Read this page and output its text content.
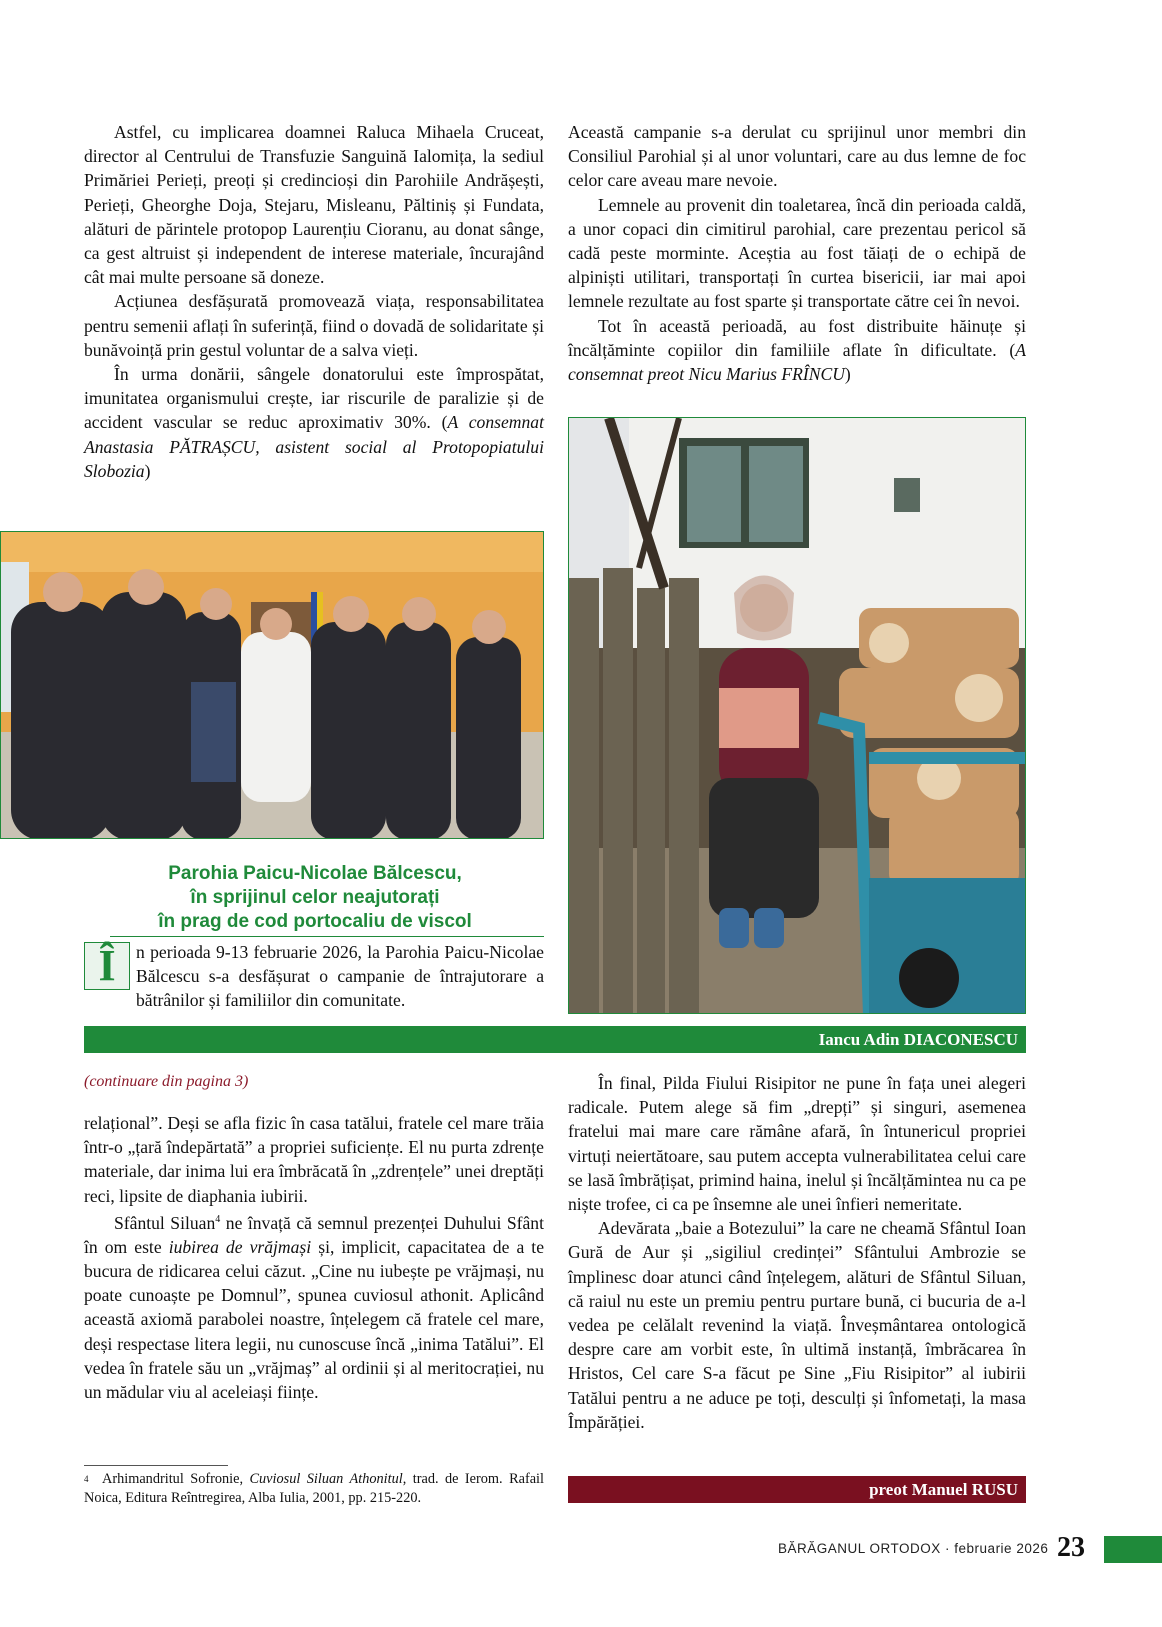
Astfel, cu implicarea doamnei Raluca Mihaela Cruceat, director al Centrului de Transfuzie Sanguină Ialomița, la sediul Primăriei Perieți, preoți și credincioși din Parohiile Andrășești, Perieți, Gheorghe Doja, Stejaru, Misleanu, Păltiniș și Fundata, alături de părintele protopop Laurențiu Cioranu, au donat sânge, ca gest altruist și independent de interese materiale, încurajând cât mai multe persoane să doneze.

Acțiunea desfășurată promovează viața, responsabilitatea pentru semenii aflați în suferință, fiind o dovadă de solidaritate și bunăvoință prin gestul voluntar de a salva vieți.

În urma donării, sângele donatorului este împrospătat, imunitatea organismului crește, iar riscurile de paralizie și de accident vascular se reduc aproximativ 30%. (A consemnat Anastasia PĂTRAȘCU, asistent social al Protopopiatului Slobozia)

Parohia Paicu-Nicolae Bălcescu,
în sprijinul celor neajutorați
în prag de cod portocaliu de viscol

Î	n perioada 9-13 februarie 2026, la Parohia Paicu-Nicolae Bălcescu s-a desfășurat o campanie de întrajutorare a bătrânilor și familiilor din comunitate.

Această campanie s-a derulat cu sprijinul unor membri din Consiliul Parohial și al unor voluntari, care au dus lemne de foc celor care aveau mare nevoie.

Lemnele au provenit din toaletarea, încă din perioada caldă, a unor copaci din cimitirul parohial, care prezentau pericol să cadă peste morminte. Aceștia au fost tăiați de o echipă de alpiniști utilitari, transportați în curtea bisericii, iar mai apoi lemnele rezultate au fost sparte și transportate către cei în nevoi.

Tot în această perioadă, au fost distribuite hăinuțe și încălțăminte copiilor din familiile aflate în dificultate. (A consemnat preot Nicu Marius FRÎNCU)

Iancu Adin DIACONESCU
(continuare din pagina 3)

relațional”. Deși se afla fizic în casa tatălui, fratele cel mare trăia într-o „țară îndepărtată” a propriei suficiențe. El nu purta zdrențe materiale, dar inima lui era îmbrăcată în „zdrențele” unei dreptăți reci, lipsite de diaphania iubirii.

Sfântul Siluan$^4$ ne învață că semnul prezenței Duhului Sfânt în om este iubirea de vrăjmași și, implicit, capacitatea de a te bucura de ridicarea celui căzut. „Cine nu iubește pe vrăjmași, nu poate cunoaște pe Domnul”, spunea cuviosul athonit. Aplicând această axiomă parabolei noastre, înțelegem că fratele cel mare, deși respectase litera legii, nu cunoscuse încă „inima Tatălui”. El vedea în fratele său un „vrăjmaș” al ordinii și al meritocrației, nu un mădular viu al aceleiași ființe.

4 Arhimandritul Sofronie, Cuviosul Siluan Athonitul, trad. de Ierom. Rafail Noica, Editura Reîntregirea, Alba Iulia, 2001, pp. 215-220.

În final, Pilda Fiului Risipitor ne pune în fața unei alegeri radicale. Putem alege să fim „drepți” și singuri, asemenea fratelui mai mare care rămâne afară, în întunericul propriei virtuți neiertătoare, sau putem accepta vulnerabilitatea celui care se lasă îmbrățișat, primind haina, inelul și încălțămintea nu ca pe niște trofee, ci ca pe însemne ale unei înfieri nemeritate.

Adevărata „baie a Botezului” la care ne cheamă Sfântul Ioan Gură de Aur și „sigiliul credinței” Sfântului Ambrozie se împlinesc doar atunci când înțelegem, alături de Sfântul Siluan, că raiul nu este un premiu pentru purtare bună, ci bucuria de a-l vedea pe celălalt revenind la viață. Înveșmântarea ontologică despre care am vorbit este, în ultimă instanță, îmbrăcarea în Hristos, Cel care S-a făcut pe Sine „Fiu Risipitor” al iubirii Tatălui pentru a ne aduce pe toți, desculți și înfometați, la masa Împărăției.

preot Manuel RUSU
BĂRĂGANUL ORTODOX · februarie 2026 23
